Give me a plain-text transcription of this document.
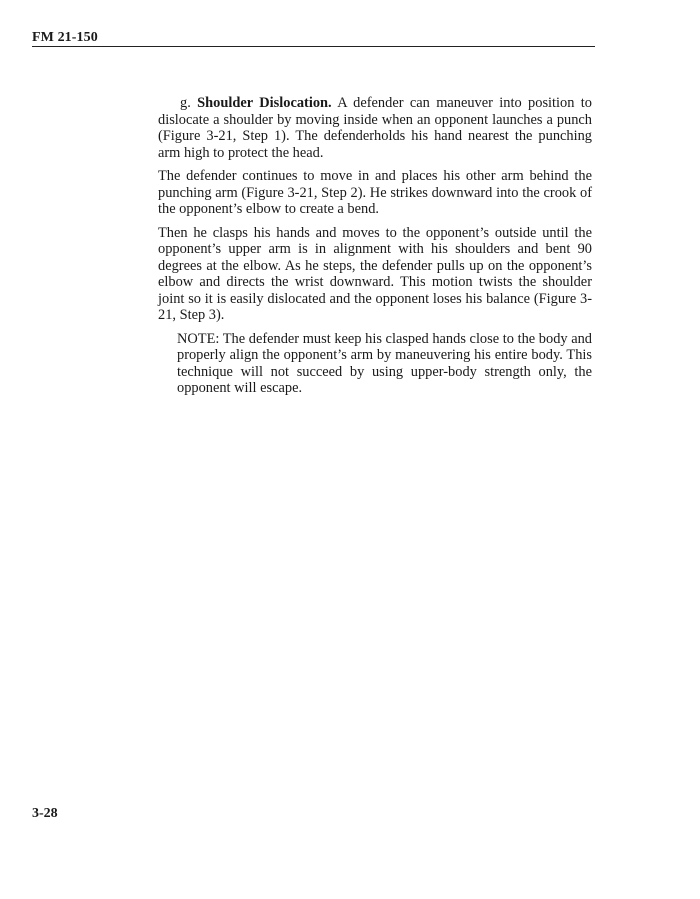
FM 21-150

g. Shoulder Dislocation. A defender can maneuver into position to dislocate a shoulder by moving inside when an opponent launches a punch (Figure 3-21, Step 1). The defenderholds his hand nearest the punching arm high to protect the head.

The defender continues to move in and places his other arm behind the punching arm (Figure 3-21, Step 2). He strikes downward into the crook of the opponent’s elbow to create a bend.

Then he clasps his hands and moves to the opponent’s outside until the opponent’s upper arm is in alignment with his shoulders and bent 90 degrees at the elbow. As he steps, the defender pulls up on the opponent’s elbow and directs the wrist downward. This motion twists the shoulder joint so it is easily dislocated and the opponent loses his balance (Figure 3-21, Step 3).

NOTE: The defender must keep his clasped hands close to the body and properly align the opponent’s arm by maneuvering his entire body. This technique will not succeed by using upper-body strength only, the opponent will escape.

3-28
